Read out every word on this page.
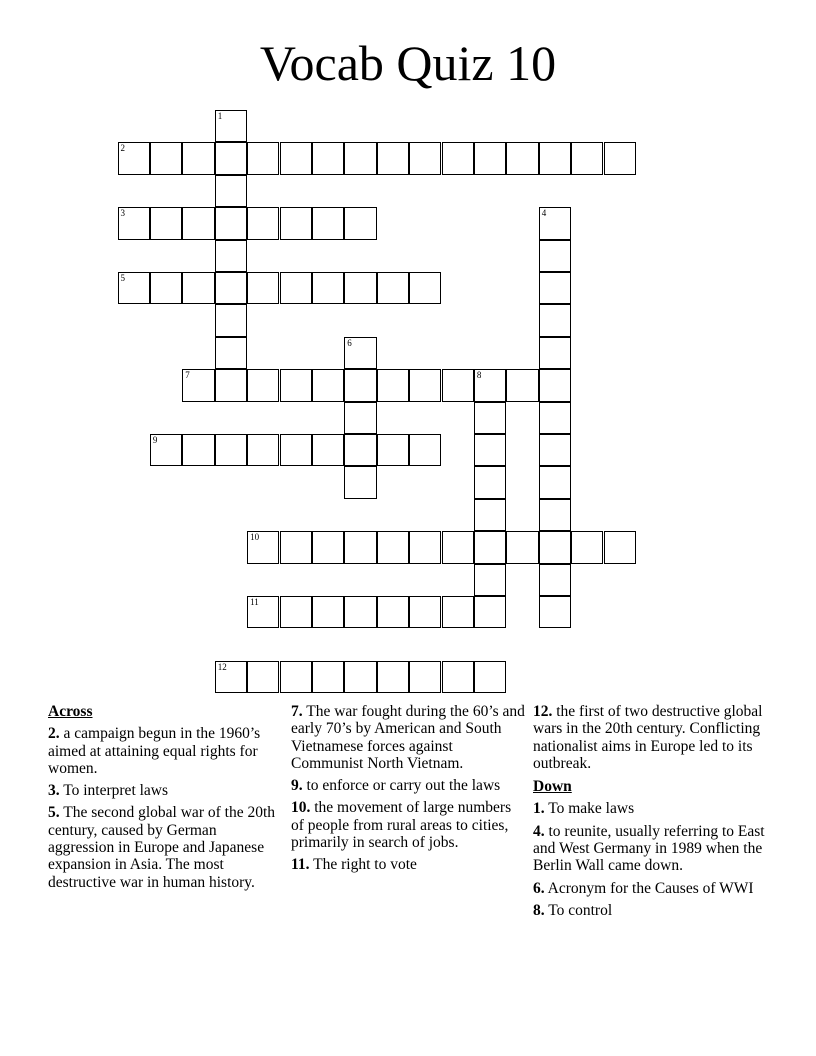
Vocab Quiz 10
1
2
3	4
5
6
7	8
9
10
11
12
Across
2. a campaign begun in the 1960’s aimed at attaining equal rights for women.
3. To interpret laws
5. The second global war of the 20th century, caused by German aggression in Europe and Japanese expansion in Asia. The most destructive war in human history.
7. The war fought during the 60’s and early 70’s by American and South Vietnamese forces against Communist North Vietnam.
9. to enforce or carry out the laws
10. the movement of large numbers of people from rural areas to cities, primarily in search of jobs.
11. The right to vote
12. the first of two destructive global wars in the 20th century. Conflicting nationalist aims in Europe led to its outbreak.
Down
1. To make laws
4. to reunite, usually referring to East and West Germany in 1989 when the Berlin Wall came down.
6. Acronym for the Causes of WWI
8. To control
